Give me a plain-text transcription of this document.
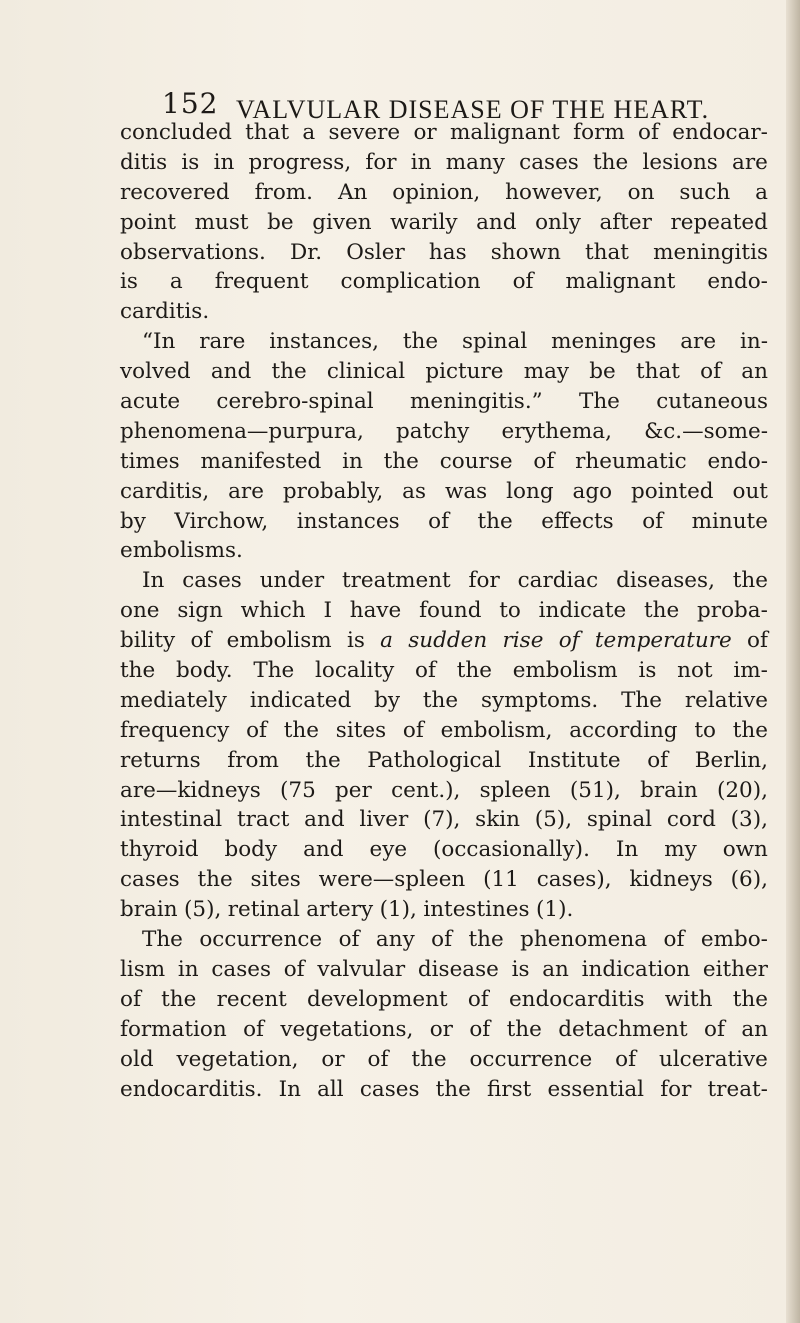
152 VALVULAR DISEASE OF THE HEART.
concluded that a severe or malignant form of endocar-
ditis is in progress, for in many cases the lesions are
recovered from. An opinion, however, on such a
point must be given warily and only after repeated
observations. Dr. Osler has shown that meningitis
is a frequent complication of malignant endo-
carditis.
“In rare instances, the spinal meninges are in-
volved and the clinical picture may be that of an
acute cerebro-spinal meningitis.” The cutaneous
phenomena—purpura, patchy erythema, &c.—some-
times manifested in the course of rheumatic endo-
carditis, are probably, as was long ago pointed out
by Virchow, instances of the effects of minute
embolisms.
In cases under treatment for cardiac diseases, the
one sign which I have found to indicate the proba-
bility of embolism is a sudden rise of temperature of
the body. The locality of the embolism is not im-
mediately indicated by the symptoms. The relative
frequency of the sites of embolism, according to the
returns from the Pathological Institute of Berlin,
are—kidneys (75 per cent.), spleen (51), brain (20),
intestinal tract and liver (7), skin (5), spinal cord (3),
thyroid body and eye (occasionally). In my own
cases the sites were—spleen (11 cases), kidneys (6),
brain (5), retinal artery (1), intestines (1).
The occurrence of any of the phenomena of embo-
lism in cases of valvular disease is an indication either
of the recent development of endocarditis with the
formation of vegetations, or of the detachment of an
old vegetation, or of the occurrence of ulcerative
endocarditis. In all cases the first essential for treat-
